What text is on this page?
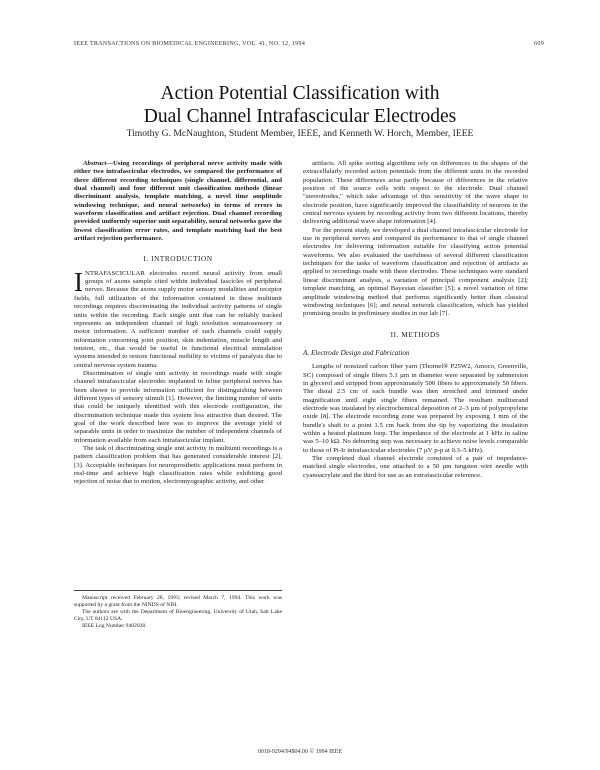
IEEE TRANSACTIONS ON BIOMEDICAL ENGINEERING, VOL. 41, NO. 12, 1994	609
Action Potential Classification with
Dual Channel Intrafascicular Electrodes
Timothy G. McNaughton, Student Member, IEEE, and Kenneth W. Horch, Member, IEEE

Abstract—Using recordings of peripheral nerve activity made with either two intrafascicular electrodes, we compared the performance of three different recording techniques (single channel, differential, and dual channel) and four different unit classification methods (linear discriminant analysis, template matching, a novel time amplitude windowing technique, and neural networks) in terms of errors in waveform classification and artifact rejection. Dual channel recording provided uniformly superior unit separability, neural networks gave the lowest classification error rates, and template matching had the best artifact rejection performance.

I. INTRODUCTION

INTRAFASCICULAR electrodes record neural activity from small groups of axons sample cited within individual fascicles of peripheral nerves. Because the axons supply motor sensory modalities and receptor fields, full utilization of the information contained in these multiunit recordings requires discriminating the individual activity patterns of single units within the recording. Each single unit that can be reliably tracked represents an independent channel of high resolution somatosensory or motor information. A sufficient number of such channels could supply information concerning joint position, skin indentation, muscle length and tension, etc., that would be useful in functional electrical stimulation systems intended to restore functional mobility to victims of paralysis due to central nervous system trauma.

Discrimination of single unit activity in recordings made with single channel intrafascicular electrodes implanted in feline peripheral nerves has been shown to provide information sufficient for distinguishing between different types of sensory stimuli [1]. However, the limiting number of units that could be uniquely identified with this electrode configuration, the discrimination technique made this system less attractive than desired. The goal of the work described here was to improve the average yield of separable units in order to maximize the number of independent channels of information available from each intrafascicular implant.

The task of discriminating single unit activity in multiunit recordings is a pattern classification problem that has generated considerable interest [2], [3]. Acceptable techniques for neuroprosthetic applications must perform in real-time and achieve high classification rates while exhibiting good rejection of noise due to motion, electromyographic activity, and other

Manuscript received February 28, 1993; revised March 7, 1994. This work was supported by a grant from the NINDS of NIH.

The authors are with the Department of Bioengineering, University of Utah, Salt Lake City, UT 84112 USA.

IEEE Log Number 9402028.

artifacts. All spike sorting algorithms rely on differences in the shapes of the extracellularly recorded action potentials from the different units in the recorded population. These differences arise partly because of differences in the relative position of the source cells with respect to the electrode. Dual channel "stereotrodes," which take advantage of this sensitivity of the wave shape to electrode position, have significantly improved the classifiability of neurons in the central nervous system by recording activity from two different locations, thereby delivering additional wave shape information [4].

For the present study, we developed a dual channel intrafascicular electrode for use in peripheral nerves and compared its performance to that of single channel electrodes for delivering information suitable for classifying action potential waveforms. We also evaluated the usefulness of several different classification techniques for the tasks of waveform classification and rejection of artifacts as applied to recordings made with these electrodes. These techniques were standard linear discriminant analysis, a variation of principal component analysis [2]; template matching, an optimal Bayesian classifier [5]; a novel variation of time amplitude windowing method that performs significantly better than classical windowing techniques [6]; and neural network classification, which has yielded promising results in preliminary studies in our lab [7].

II. METHODS
A. Electrode Design and Fabrication

Lengths of nonsized carbon fiber yarn (Thornel® P25W2, Amoco, Greenville, SC) composed of single fibers 5.1 µm in diameter were separated by submersion in glycerol and stripped from approximately 500 fibers to approximately 50 fibers. The distal 2.5 cm of each bundle was then stretched and trimmed under magnification until eight single fibers remained. The resultant multistrand electrode was insulated by electrochemical deposition of 2–3 µm of polypropylene oxide [8]. The electrode recording zone was prepared by exposing 1 mm of the bundle's shaft to a point 1.5 cm back from the tip by vaporizing the insulation within a heated platinum loop. The impedance of the electrode at 1 kHz in saline was 5–10 kΩ. No deburring step was necessary to achieve noise levels comparable to those of Pt-Ir intrafascicular electrodes (7 µV p-p at 0.3–5 kHz).

The completed dual channel electrode consisted of a pair of impedance-matched single electrodes, one attached to a 50 µm tungsten wire needle with cyanoacrylate and the third for use as an extrafascicular reference.

0018-9294/94$04.00 © 1994 IEEE
